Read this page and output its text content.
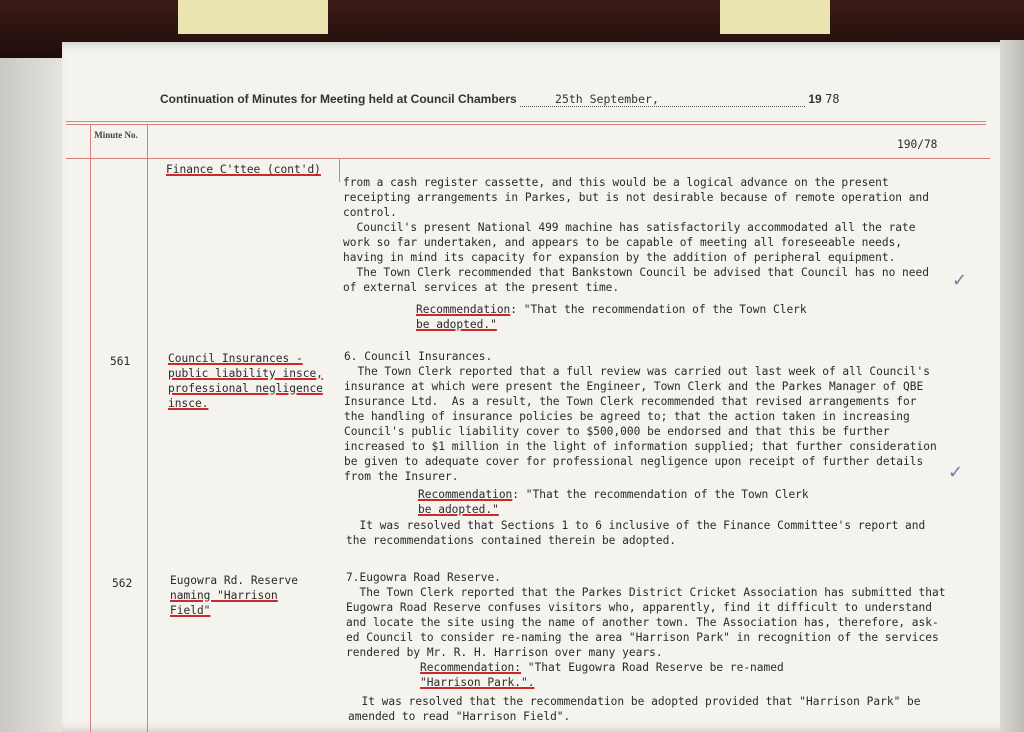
Continuation of Minutes for Meeting held at Council Chambers	25th September,	19 78
Minute No.
190/78
Finance C'ttee (cont'd)
from a cash register cassette, and this would be a logical advance on the present
receipting arrangements in Parkes, but is not desirable because of remote operation and
control.
Council's present National 499 machine has satisfactorily accommodated all the rate
work so far undertaken, and appears to be capable of meeting all foreseeable needs,
having in mind its capacity for expansion by the addition of peripheral equipment.
The Town Clerk recommended that Bankstown Council be advised that Council has no need
of external services at the present time.	✓
Recommendation: "That the recommendation of the Town Clerk
be adopted."
561	Council Insurances -
public liability insce,
professional negligence
insce.
6. Council Insurances.
The Town Clerk reported that a full review was carried out last week of all Council's
insurance at which were present the Engineer, Town Clerk and the Parkes Manager of QBE
Insurance Ltd.  As a result, the Town Clerk recommended that revised arrangements for
the handling of insurance policies be agreed to; that the action taken in increasing
Council's public liability cover to $500,000 be endorsed and that this be further
increased to $1 million in the light of information supplied; that further consideration
be given to adequate cover for professional negligence upon receipt of further details
from the Insurer.	✓
Recommendation: "That the recommendation of the Town Clerk
be adopted."
It was resolved that Sections 1 to 6 inclusive of the Finance Committee's report and
the recommendations contained therein be adopted.
562	Eugowra Rd. Reserve
naming "Harrison
Field"
7.Eugowra Road Reserve.
The Town Clerk reported that the Parkes District Cricket Association has submitted that
Eugowra Road Reserve confuses visitors who, apparently, find it difficult to understand
and locate the site using the name of another town. The Association has, therefore, ask-
ed Council to consider re-naming the area "Harrison Park" in recognition of the services
rendered by Mr. R. H. Harrison over many years.
Recommendation: "That Eugowra Road Reserve be re-named
"Harrison Park.".
It was resolved that the recommendation be adopted provided that "Harrison Park" be
amended to read "Harrison Field".
